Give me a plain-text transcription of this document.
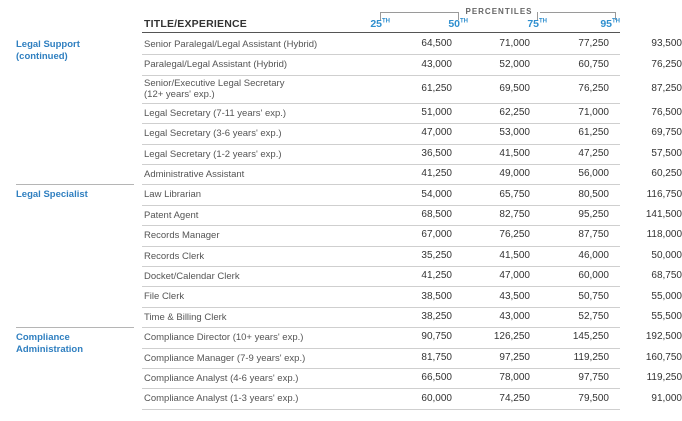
PERCENTILES
TITLE/EXPERIENCE	25TH	50TH	75TH	95TH
Legal Support
(continued)
Senior Paralegal/Legal Assistant (Hybrid)	64,500	71,000	77,250	93,500
Paralegal/Legal Assistant (Hybrid)	43,000	52,000	60,750	76,250
Senior/Executive Legal Secretary
(12+ years' exp.)
61,250	69,500	76,250	87,250
Legal Secretary (7-11 years' exp.)	51,000	62,250	71,000	76,500
Legal Secretary (3-6 years' exp.)	47,000	53,000	61,250	69,750
Legal Secretary (1-2 years' exp.)	36,500	41,500	47,250	57,500
Administrative Assistant	41,250	49,000	56,000	60,250
Legal Specialist	Law Librarian	54,000	65,750	80,500	116,750
Patent Agent	68,500	82,750	95,250	141,500
Records Manager	67,000	76,250	87,750	118,000
Records Clerk	35,250	41,500	46,000	50,000
Docket/Calendar Clerk	41,250	47,000	60,000	68,750
File Clerk	38,500	43,500	50,750	55,000
Time & Billing Clerk	38,250	43,000	52,750	55,500
Compliance
Administration
Compliance Director (10+ years' exp.)	90,750	126,250	145,250	192,500
Compliance Manager (7-9 years' exp.)	81,750	97,250	119,250	160,750
Compliance Analyst (4-6 years' exp.)	66,500	78,000	97,750	119,250
Compliance Analyst (1-3 years' exp.)	60,000	74,250	79,500	91,000
